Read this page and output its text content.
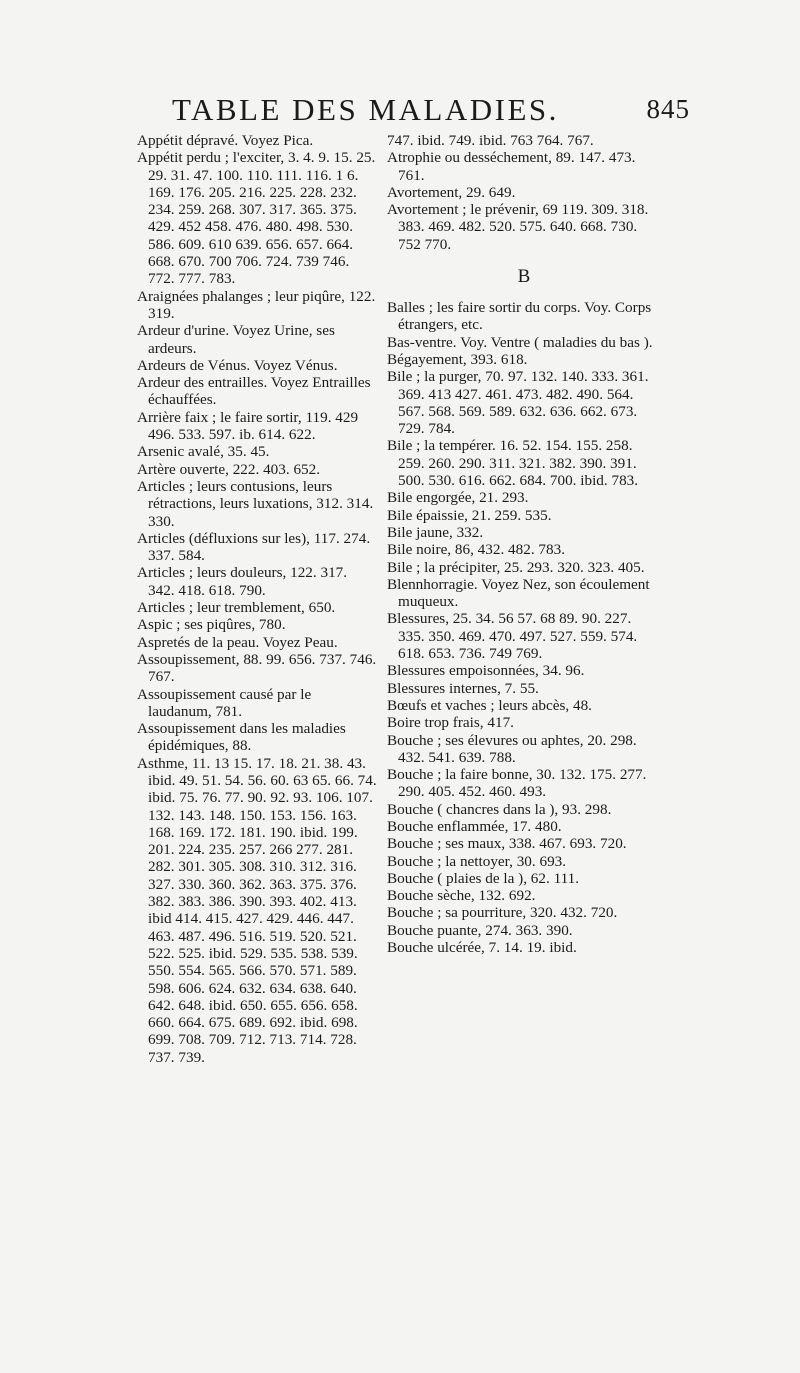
TABLE DES MALADIES.	845
Appétit dépravé. Voyez Pica.
Appétit perdu ; l'exciter, 3. 4. 9. 15. 25. 29. 31. 47. 100. 110. 111. 116. 1 6. 169. 176. 205. 216. 225. 228. 232. 234. 259. 268. 307. 317. 365. 375. 429. 452 458. 476. 480. 498. 530. 586. 609. 610 639. 656. 657. 664. 668. 670. 700 706. 724. 739 746. 772. 777. 783.
Araignées phalanges ; leur piqûre, 122. 319.
Ardeur d'urine. Voyez Urine, ses ardeurs.
Ardeurs de Vénus. Voyez Vénus.
Ardeur des entrailles. Voyez Entrailles échauffées.
Arrière faix ; le faire sortir, 119. 429 496. 533. 597. ib. 614. 622.
Arsenic avalé, 35. 45.
Artère ouverte, 222. 403. 652.
Articles ; leurs contusions, leurs rétractions, leurs luxations, 312. 314. 330.
Articles (défluxions sur les), 117. 274. 337. 584.
Articles ; leurs douleurs, 122. 317. 342. 418. 618. 790.
Articles ; leur tremblement, 650.
Aspic ; ses piqûres, 780.
Aspretés de la peau. Voyez Peau.
Assoupissement, 88. 99. 656. 737. 746. 767.
Assoupissement causé par le laudanum, 781.
Assoupissement dans les maladies épidémiques, 88.
Asthme, 11. 13 15. 17. 18. 21. 38. 43. ibid. 49. 51. 54. 56. 60. 63 65. 66. 74. ibid. 75. 76. 77. 90. 92. 93. 106. 107. 132. 143. 148. 150. 153. 156. 163. 168. 169. 172. 181. 190. ibid. 199. 201. 224. 235. 257. 266 277. 281. 282. 301. 305. 308. 310. 312. 316. 327. 330. 360. 362. 363. 375. 376. 382. 383. 386. 390. 393. 402. 413. ibid 414. 415. 427. 429. 446. 447. 463. 487. 496. 516. 519. 520. 521. 522. 525. ibid. 529. 535. 538. 539. 550. 554. 565. 566. 570. 571. 589. 598. 606. 624. 632. 634. 638. 640. 642. 648. ibid. 650. 655. 656. 658. 660. 664. 675. 689. 692. ibid. 698. 699. 708. 709. 712. 713. 714. 728. 737. 739.
747. ibid. 749. ibid. 763 764. 767.
Atrophie ou desséchement, 89. 147. 473. 761.
Avortement, 29. 649.
Avortement ; le prévenir, 69 119. 309. 318. 383. 469. 482. 520. 575. 640. 668. 730. 752 770.
B
Balles ; les faire sortir du corps. Voy. Corps étrangers, etc.
Bas-ventre. Voy. Ventre ( maladies du bas ).
Bégayement, 393. 618.
Bile ; la purger, 70. 97. 132. 140. 333. 361. 369. 413 427. 461. 473. 482. 490. 564. 567. 568. 569. 589. 632. 636. 662. 673. 729. 784.
Bile ; la tempérer. 16. 52. 154. 155. 258. 259. 260. 290. 311. 321. 382. 390. 391. 500. 530. 616. 662. 684. 700. ibid. 783.
Bile engorgée, 21. 293.
Bile épaissie, 21. 259. 535.
Bile jaune, 332.
Bile noire, 86, 432. 482. 783.
Bile ; la précipiter, 25. 293. 320. 323. 405.
Blennhorragie. Voyez Nez, son écoulement muqueux.
Blessures, 25. 34. 56 57. 68 89. 90. 227. 335. 350. 469. 470. 497. 527. 559. 574. 618. 653. 736. 749 769.
Blessures empoisonnées, 34. 96.
Blessures internes, 7. 55.
Bœufs et vaches ; leurs abcès, 48.
Boire trop frais, 417.
Bouche ; ses élevures ou aphtes, 20. 298. 432. 541. 639. 788.
Bouche ; la faire bonne, 30. 132. 175. 277. 290. 405. 452. 460. 493.
Bouche ( chancres dans la ), 93. 298.
Bouche enflammée, 17. 480.
Bouche ; ses maux, 338. 467. 693. 720.
Bouche ; la nettoyer, 30. 693.
Bouche ( plaies de la ), 62. 111.
Bouche sèche, 132. 692.
Bouche ; sa pourriture, 320. 432. 720.
Bouche puante, 274. 363. 390.
Bouche ulcérée, 7. 14. 19. ibid.
